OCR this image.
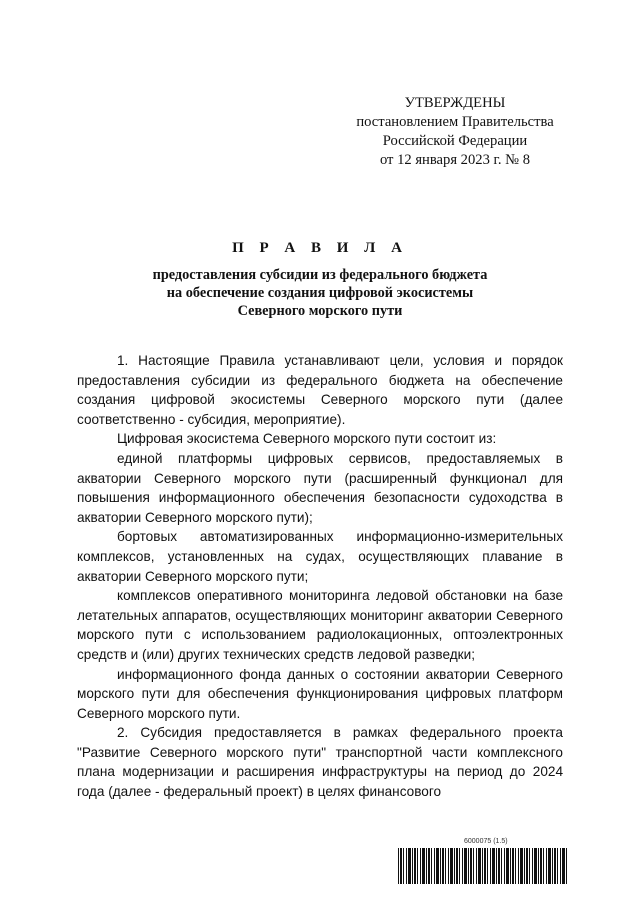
УТВЕРЖДЕНЫ
постановлением Правительства
Российской Федерации
от 12 января 2023 г. № 8
П Р А В И Л А
предоставления субсидии из федерального бюджета
на обеспечение создания цифровой экосистемы
Северного морского пути

1. Настоящие Правила устанавливают цели, условия и порядок предоставления субсидии из федерального бюджета на обеспечение создания цифровой экосистемы Северного морского пути (далее соответственно - субсидия, мероприятие).

Цифровая экосистема Северного морского пути состоит из:

единой платформы цифровых сервисов, предоставляемых в акватории Северного морского пути (расширенный функционал для повышения информационного обеспечения безопасности судоходства в акватории Северного морского пути);

бортовых автоматизированных информационно-измерительных комплексов, установленных на судах, осуществляющих плавание в акватории Северного морского пути;

комплексов оперативного мониторинга ледовой обстановки на базе летательных аппаратов, осуществляющих мониторинг акватории Северного морского пути с использованием радиолокационных, оптоэлектронных средств и (или) других технических средств ледовой разведки;

информационного фонда данных о состоянии акватории Северного морского пути для обеспечения функционирования цифровых платформ Северного морского пути.

2. Субсидия предоставляется в рамках федерального проекта "Развитие Северного морского пути" транспортной части комплексного плана модернизации и расширения инфраструктуры на период до 2024 года (далее - федеральный проект) в целях финансового

6000075 (1.5)
